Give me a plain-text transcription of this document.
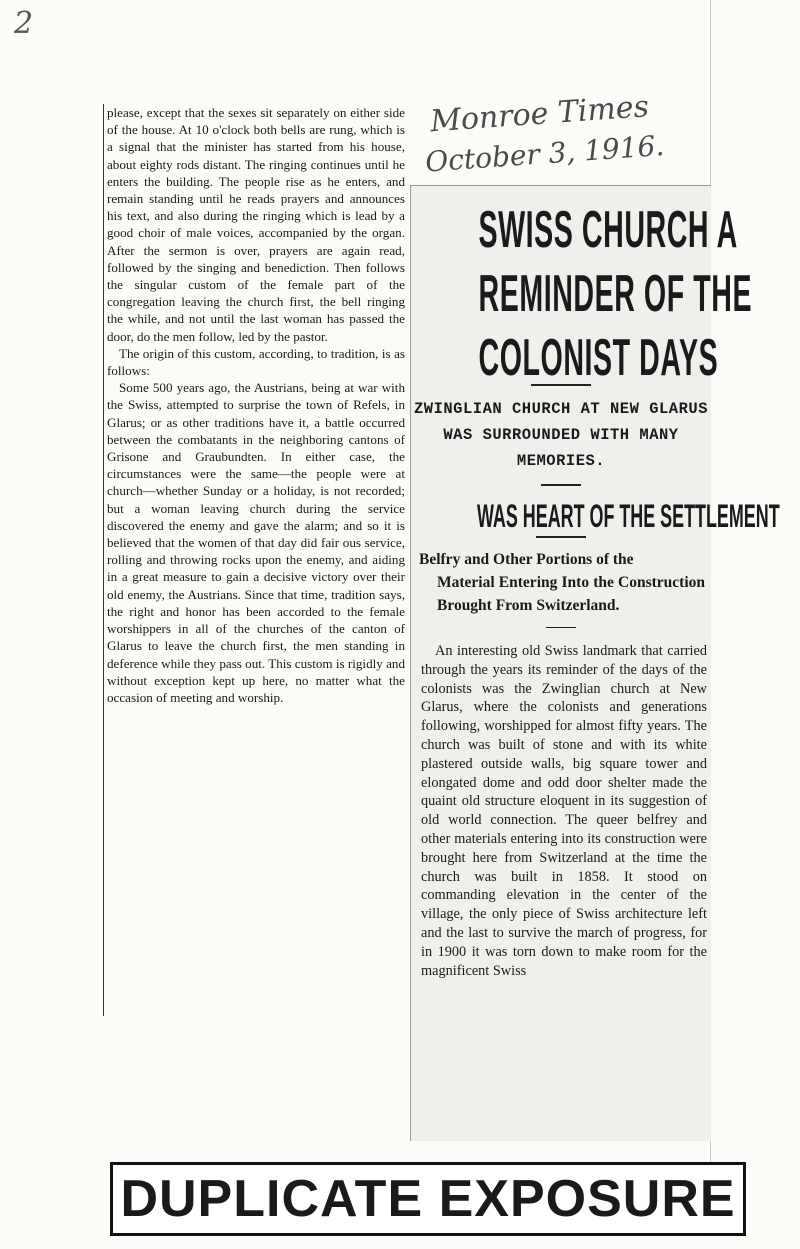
2

please, except that the sexes sit separately on either side of the house. At 10 o'clock both bells are rung, which is a signal that the minister has started from his house, about eighty rods distant. The ringing continues until he enters the building. The people rise as he enters, and remain standing until he reads prayers and announces his text, and also during the ringing which is lead by a good choir of male voices, accompanied by the organ. After the sermon is over, prayers are again read, followed by the singing and benediction. Then follows the singular custom of the female part of the congregation leaving the church first, the bell ringing the while, and not until the last woman has passed the door, do the men follow, led by the pastor.

The origin of this custom, according, to tradition, is as follows:

Some 500 years ago, the Austrians, being at war with the Swiss, attempted to surprise the town of Refels, in Glarus; or as other traditions have it, a battle occurred between the combatants in the neighboring cantons of Grisone and Graubundten. In either case, the circumstances were the same—the people were at church—whether Sunday or a holiday, is not recorded; but a woman leaving church during the service discovered the enemy and gave the alarm; and so it is believed that the women of that day did fair ous service, rolling and throwing rocks upon the enemy, and aiding in a great measure to gain a decisive victory over their old enemy, the Austrians. Since that time, tradition says, the right and honor has been accorded to the female worshippers in all of the churches of the canton of Glarus to leave the church first, the men standing in deference while they pass out. This custom is rigidly and without exception kept up here, no matter what the occasion of meeting and worship.

Monroe Times
October 3, 1916.
SWISS CHURCH A
REMINDER OF THE
COLONIST DAYS
ZWINGLIAN CHURCH AT NEW GLARUS WAS SURROUNDED WITH MANY MEMORIES.
WAS HEART OF THE SETTLEMENT
Belfry and Other Portions of the
Material Entering Into the Construction Brought From Switzerland.

An interesting old Swiss landmark that carried through the years its reminder of the days of the colonists was the Zwinglian church at New Glarus, where the colonists and generations following, worshipped for almost fifty years. The church was built of stone and with its white plastered outside walls, big square tower and elongated dome and odd door shelter made the quaint old structure eloquent in its suggestion of old world connection. The queer belfrey and other materials entering into its construction were brought here from Switzerland at the time the church was built in 1858. It stood on commanding elevation in the center of the village, the only piece of Swiss architecture left and the last to survive the march of progress, for in 1900 it was torn down to make room for the magnificent Swiss

DUPLICATE EXPOSURE
